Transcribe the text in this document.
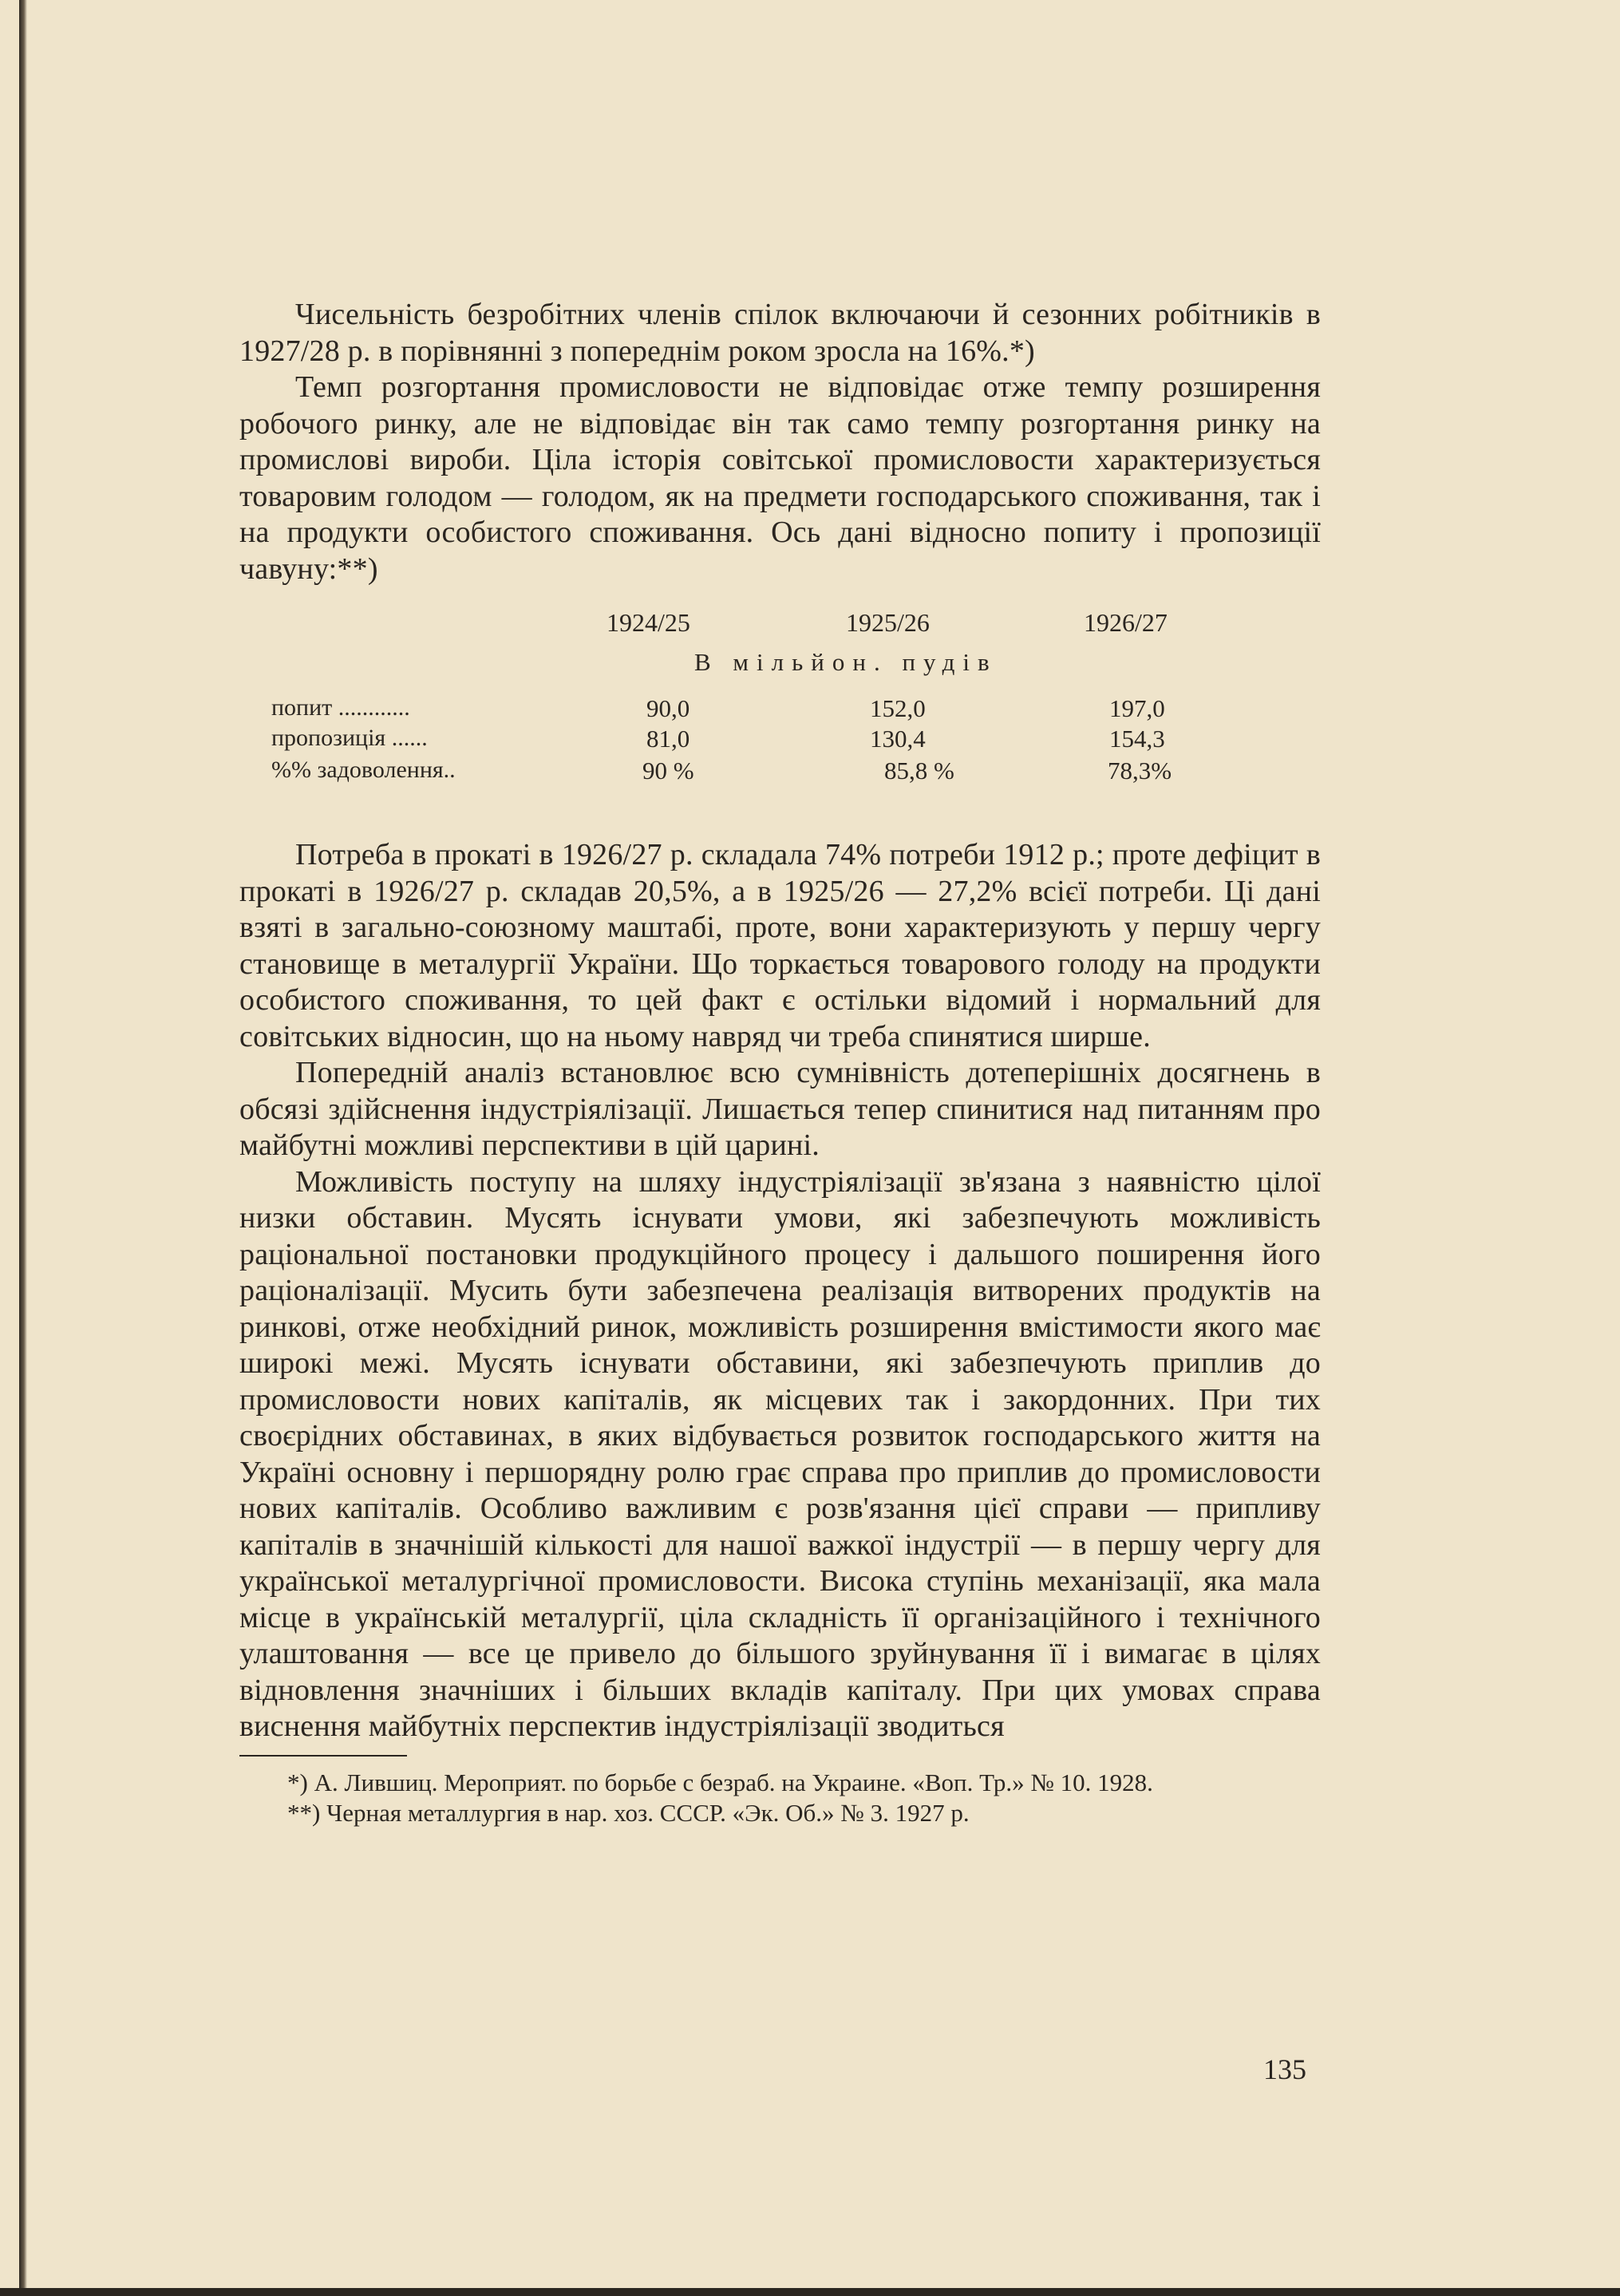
Чисельність безробітних членів спілок включаючи й сезонних робітників в 1927/28 р. в порівнянні з попереднім роком зросла на 16%.*)

Темп розгортання промисловости не відповідає отже темпу розширення робочого ринку, але не відповідає він так само темпу розгортання ринку на промислові вироби. Ціла історія совітської промисловости характеризується товаровим голодом — голодом, як на предмети господарського споживання, так і на продукти особистого споживання. Ось дані відносно попиту і пропозиції чавуну:**)

1924/25	1925/26	1926/27
В мільйон. пудів
попит ............	90,0	152,0	197,0
пропозиція ......	81,0	130,4	154,3
%% задоволення..	90 %	85,8 %	78,3%

Потреба в прокаті в 1926/27 р. складала 74% потреби 1912 р.; проте дефіцит в прокаті в 1926/27 р. складав 20,5%, а в 1925/26 — 27,2% всієї потреби. Ці дані взяті в загально-союзному маштабі, проте, вони характеризують у першу чергу становище в металургії України. Що торкається товарового голоду на продукти особистого споживання, то цей факт є остільки відомий і нормальний для совітських відносин, що на ньому навряд чи треба спинятися ширше.

Попередній аналіз встановлює всю сумнівність дотеперішніх досягнень в обсязі здійснення індустріялізації. Лишається тепер спинитися над питанням про майбутні можливі перспективи в цій царині.

Можливість поступу на шляху індустріялізації зв'язана з наявністю цілої низки обставин. Мусять існувати умови, які забезпечують можливість раціональної постановки продукційного процесу і дальшого поширення його раціоналізації. Мусить бути забезпечена реалізація витворених продуктів на ринкові, отже необхідний ринок, можливість розширення вмістимости якого має широкі межі. Мусять існувати обставини, які забезпечують приплив до промисловости нових капіталів, як місцевих так і закордонних. При тих своєрідних обставинах, в яких відбувається розвиток господарського життя на Україні основну і першорядну ролю грає справа про приплив до промисловости нових капіталів. Особливо важливим є розв'язання цієї справи — припливу капіталів в значнішій кількості для нашої важкої індустрії — в першу чергу для української металургічної промисловости. Висока ступінь механізації, яка мала місце в українській металургії, ціла складність її організаційного і технічного улаштовання — все це привело до більшого зруйнування її і вимагає в цілях відновлення значніших і більших вкладів капіталу. При цих умовах справа виснення майбутніх перспектив індустріялізації зводиться

*) А. Лившиц. Мероприят. по борьбе с безраб. на Украине. «Воп. Тр.» № 10. 1928.

**) Черная металлургия в нар. хоз. СССР. «Эк. Об.» № 3. 1927 р.

135
